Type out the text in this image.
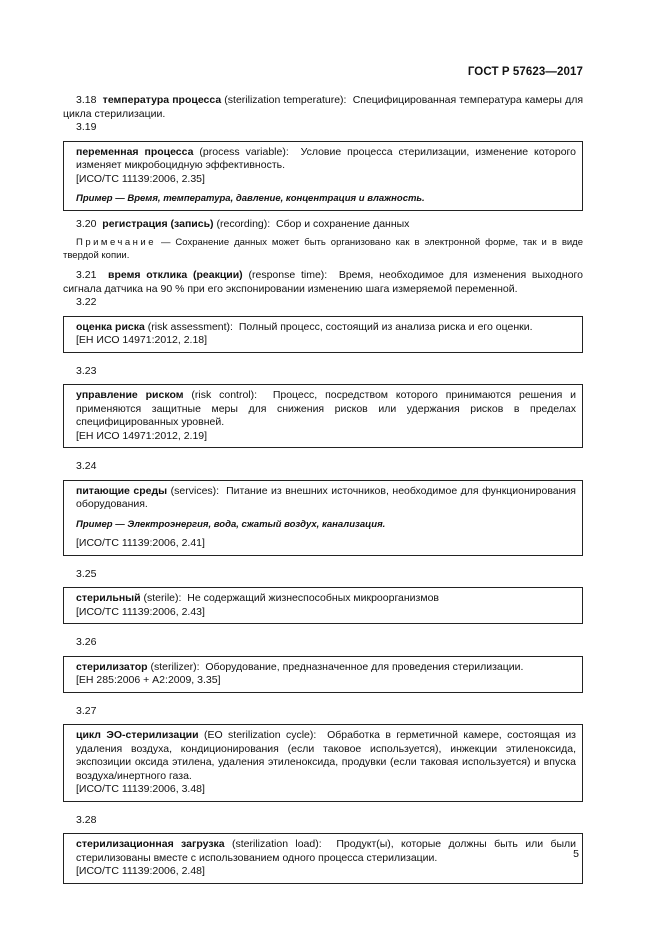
ГОСТ Р 57623—2017

3.18 температура процесса (sterilization temperature): Специфицированная температура камеры для цикла стерилизации.

3.19
переменная процесса (process variable): Условие процесса стерилизации, изменение которого изменяет микробоцидную эффективность.
[ИСО/ТС 11139:2006, 2.35]
Пример — Время, температура, давление, концентрация и влажность.

3.20 регистрация (запись) (recording): Сбор и сохранение данных

Примечание — Сохранение данных может быть организовано как в электронной форме, так и в виде твердой копии.

3.21 время отклика (реакции) (response time): Время, необходимое для изменения выходного сигнала датчика на 90 % при его экспонировании изменению шага измеряемой переменной.

3.22
оценка риска (risk assessment): Полный процесс, состоящий из анализа риска и его оценки.
[ЕН ИСО 14971:2012, 2.18]
3.23
управление риском (risk control): Процесс, посредством которого принимаются решения и применяются защитные меры для снижения рисков или удержания рисков в пределах специфицированных уровней.
[ЕН ИСО 14971:2012, 2.19]
3.24
питающие среды (services): Питание из внешних источников, необходимое для функционирования оборудования.
Пример — Электроэнергия, вода, сжатый воздух, канализация.
[ИСО/ТС 11139:2006, 2.41]
3.25
стерильный (sterile): Не содержащий жизнеспособных микроорганизмов
[ИСО/ТС 11139:2006, 2.43]
3.26
стерилизатор (sterilizer): Оборудование, предназначенное для проведения стерилизации.
[ЕН 285:2006 + А2:2009, 3.35]
3.27
цикл ЭО-стерилизации (EO sterilization cycle): Обработка в герметичной камере, состоящая из удаления воздуха, кондиционирования (если таковое используется), инжекции этиленоксида, экспозиции оксида этилена, удаления этиленоксида, продувки (если таковая используется) и впуска воздуха/инертного газа.
[ИСО/ТС 11139:2006, 3.48]
3.28
стерилизационная загрузка (sterilization load): Продукт(ы), которые должны быть или были стерилизованы вместе с использованием одного процесса стерилизации.
[ИСО/ТС 11139:2006, 2.48]
5
